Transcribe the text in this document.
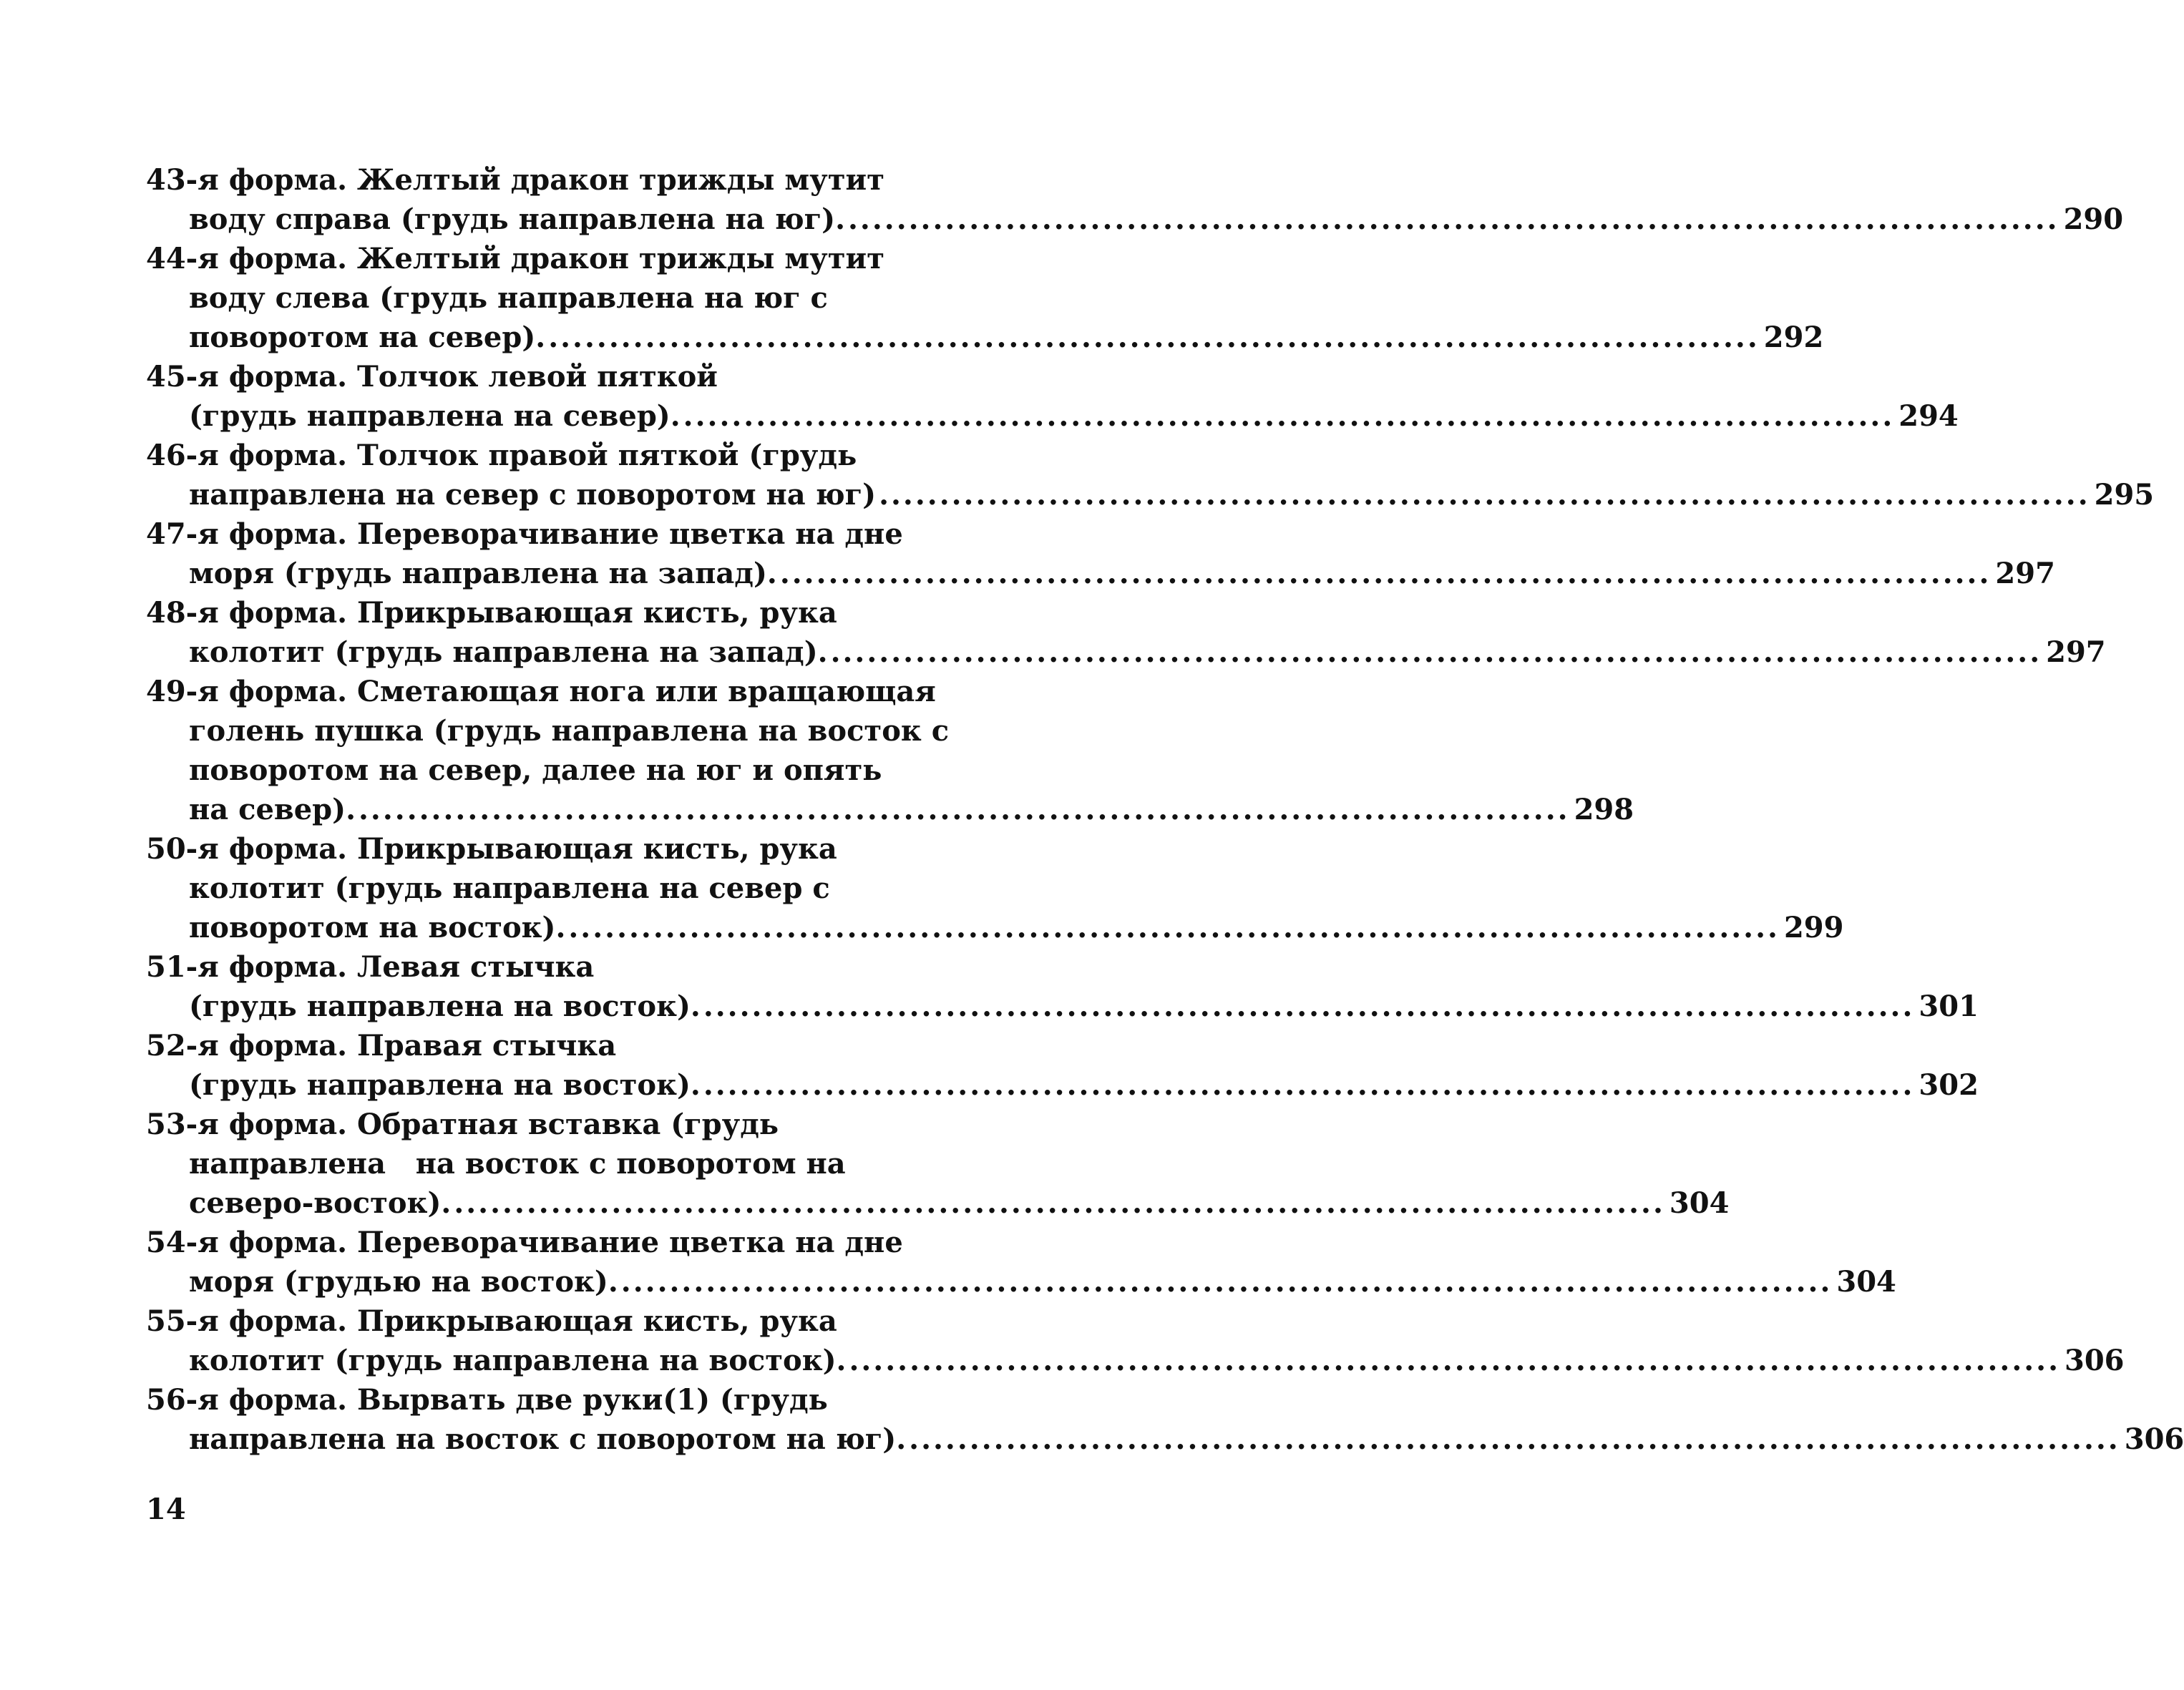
43-я форма. Желтый дракон трижды мутит
воду справа (грудь направлена на юг). .................................................................................................... 290
44-я форма. Желтый дракон трижды мутит
воду слева (грудь направлена на юг с
поворотом на север). .................................................................................................... 292
45-я форма. Толчок левой пяткой
(грудь направлена на север). .................................................................................................... 294
46-я форма. Толчок правой пяткой (грудь
направлена на север с поворотом на юг) .................................................................................................... 295
47-я форма. Переворачивание цветка на дне
моря (грудь направлена на запад). .................................................................................................... 297
48-я форма. Прикрывающая кисть, рука
колотит (грудь направлена на запад). .................................................................................................... 297
49-я форма. Сметающая нога или вращающая
голень пушка (грудь направлена на восток с
поворотом на север, далее на юг и опять
на север). .................................................................................................... 298
50-я форма. Прикрывающая кисть, рука
колотит (грудь направлена на север с
поворотом на восток). .................................................................................................... 299
51-я форма. Левая стычка
(грудь направлена на восток). .................................................................................................... 301
52-я форма. Правая стычка
(грудь направлена на восток). .................................................................................................... 302
53-я форма. Обратная вставка (грудь
направлена   на восток с поворотом на
северо-восток). .................................................................................................... 304
54-я форма. Переворачивание цветка на дне
моря (грудью на восток). .................................................................................................... 304
55-я форма. Прикрывающая кисть, рука
колотит (грудь направлена на восток). .................................................................................................... 306
56-я форма. Вырвать две руки(1) (грудь
направлена на восток с поворотом на юг). .................................................................................................... 306
14
